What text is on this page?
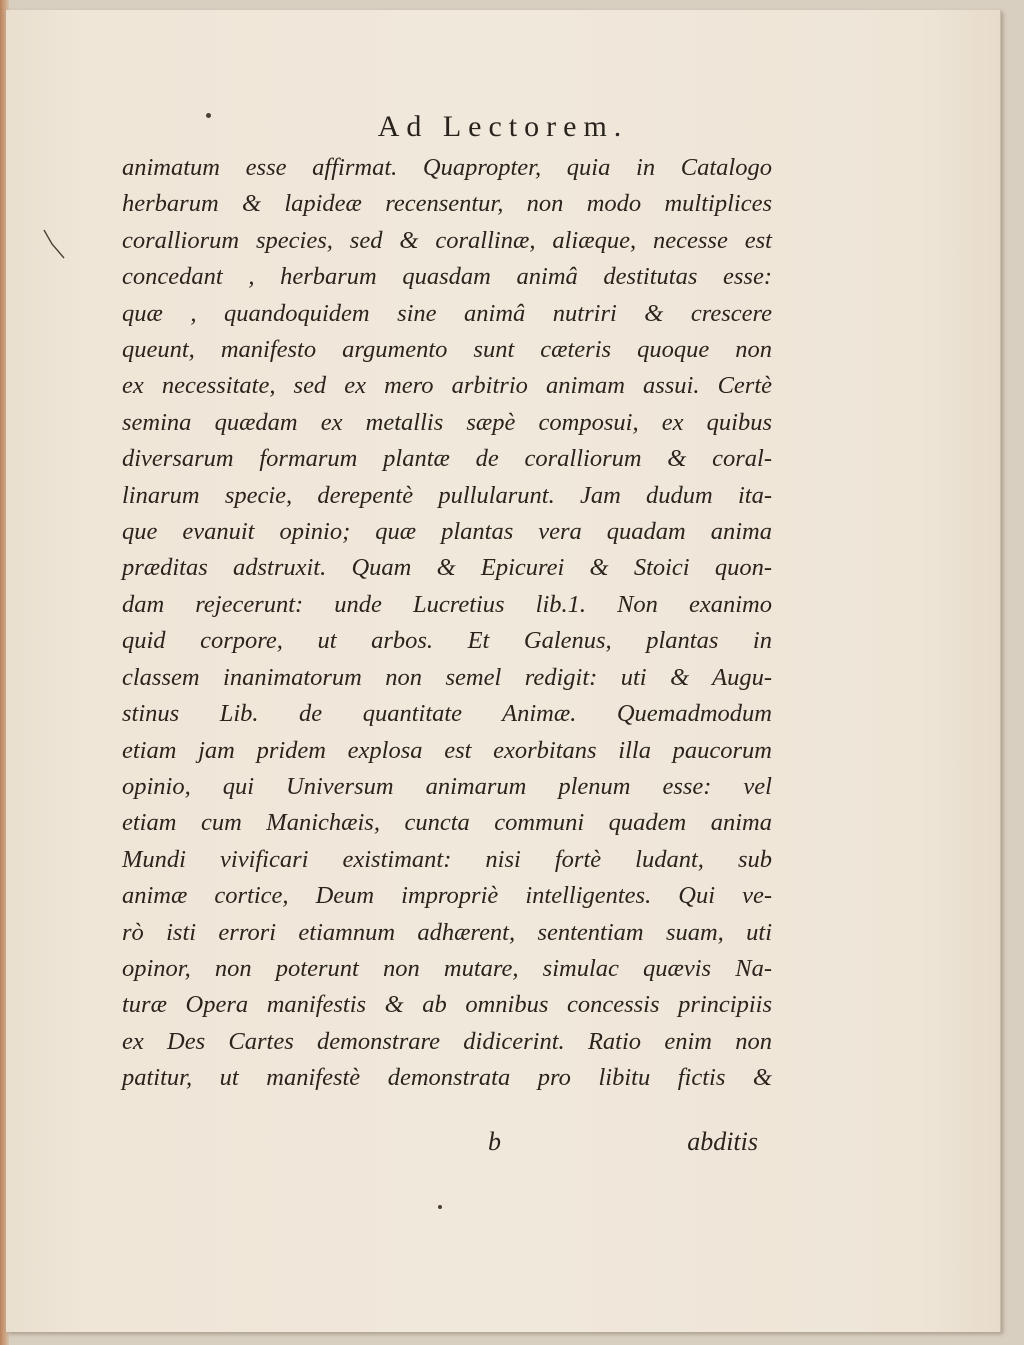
Ad Lectorem.
animatum esse affirmat. Quapropter, quia in Catalogo
herbarum & lapideæ recensentur, non modo multiplices
coralliorum species, sed & corallinæ, aliæque, necesse est
concedant , herbarum quasdam animâ destitutas esse:
quæ , quandoquidem sine animâ nutriri & crescere
queunt, manifesto argumento sunt cæteris quoque non
ex necessitate, sed ex mero arbitrio animam assui. Certè
semina quædam ex metallis sæpè composui, ex quibus
diversarum formarum plantæ de coralliorum & coral-
linarum specie, derepentè pullularunt. Jam dudum ita-
que evanuit opinio; quæ plantas vera quadam anima
præditas adstruxit. Quam & Epicurei & Stoici quon-
dam rejecerunt: unde Lucretius lib.1. Non exanimo
quid corpore, ut arbos. Et Galenus, plantas in
classem inanimatorum non semel redigit: uti & Augu-
stinus Lib. de quantitate Animæ. Quemadmodum
etiam jam pridem explosa est exorbitans illa paucorum
opinio, qui Universum animarum plenum esse: vel
etiam cum Manichæis, cuncta communi quadem anima
Mundi vivificari existimant: nisi fortè ludant, sub
animæ cortice, Deum impropriè intelligentes. Qui ve-
rò isti errori etiamnum adhærent, sententiam suam, uti
opinor, non poterunt non mutare, simulac quævis Na-
turæ Opera manifestis & ab omnibus concessis principiis
ex Des Cartes demonstrare didicerint. Ratio enim non
patitur, ut manifestè demonstrata pro libitu fictis &
b	abditis
